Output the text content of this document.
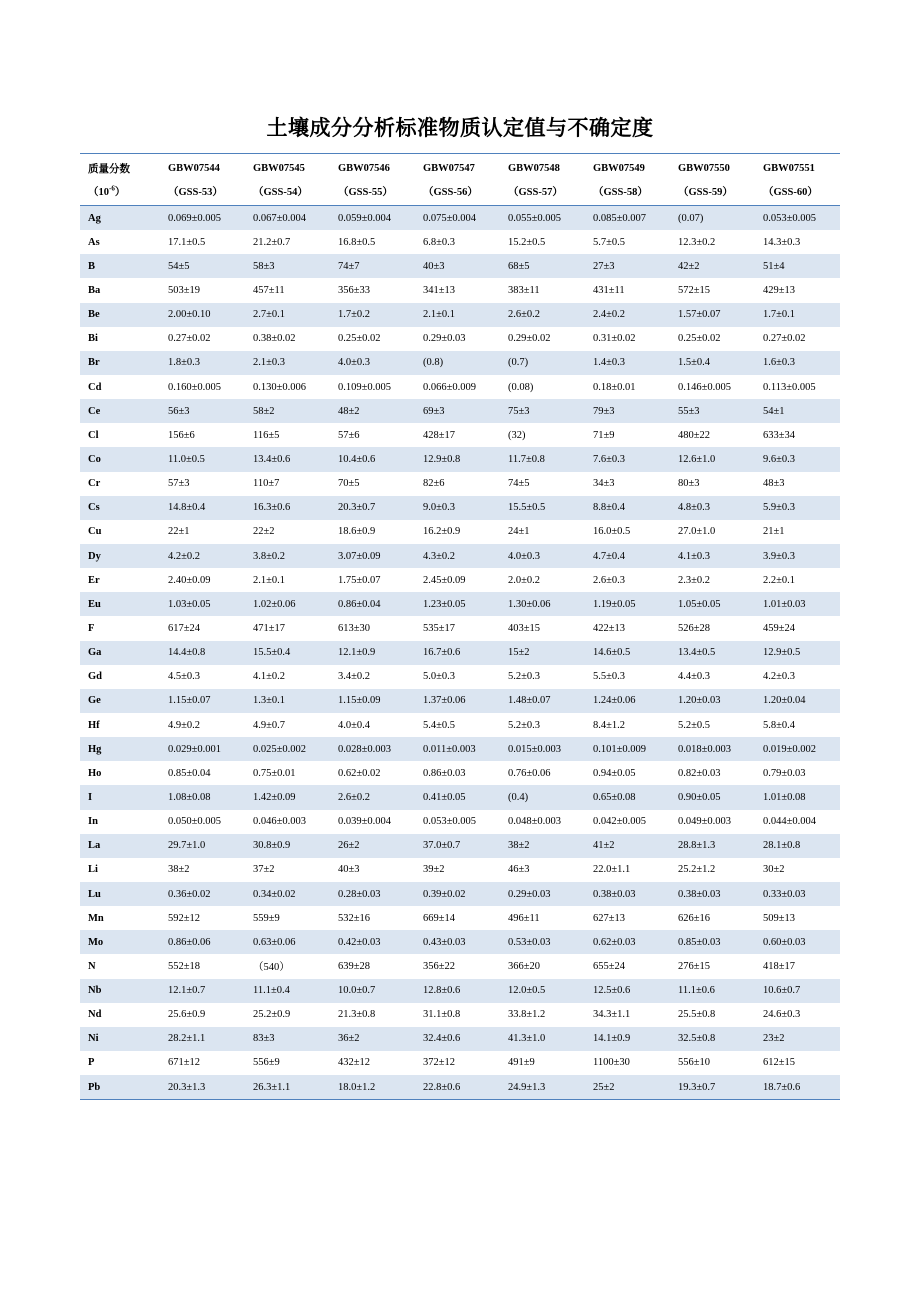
土壤成分分析标准物质认定值与不确定度
质量分数	GBW07544	GBW07545	GBW07546	GBW07547	GBW07548	GBW07549	GBW07550	GBW07551
$(10^{-6})$	（GSS-53）	（GSS-54）	（GSS-55）	（GSS-56）	（GSS-57）	（GSS-58）	（GSS-59）	（GSS-60）
Ag	0.069±0.005	0.067±0.004	0.059±0.004	0.075±0.004	0.055±0.005	0.085±0.007	(0.07)	0.053±0.005
As	17.1±0.5	21.2±0.7	16.8±0.5	6.8±0.3	15.2±0.5	5.7±0.5	12.3±0.2	14.3±0.3
B	54±5	58±3	74±7	40±3	68±5	27±3	42±2	51±4
Ba	503±19	457±11	356±33	341±13	383±11	431±11	572±15	429±13
Be	2.00±0.10	2.7±0.1	1.7±0.2	2.1±0.1	2.6±0.2	2.4±0.2	1.57±0.07	1.7±0.1
Bi	0.27±0.02	0.38±0.02	0.25±0.02	0.29±0.03	0.29±0.02	0.31±0.02	0.25±0.02	0.27±0.02
Br	1.8±0.3	2.1±0.3	4.0±0.3	(0.8)	(0.7)	1.4±0.3	1.5±0.4	1.6±0.3
Cd	0.160±0.005	0.130±0.006	0.109±0.005	0.066±0.009	(0.08)	0.18±0.01	0.146±0.005	0.113±0.005
Ce	56±3	58±2	48±2	69±3	75±3	79±3	55±3	54±1
Cl	156±6	116±5	57±6	428±17	(32)	71±9	480±22	633±34
Co	11.0±0.5	13.4±0.6	10.4±0.6	12.9±0.8	11.7±0.8	7.6±0.3	12.6±1.0	9.6±0.3
Cr	57±3	110±7	70±5	82±6	74±5	34±3	80±3	48±3
Cs	14.8±0.4	16.3±0.6	20.3±0.7	9.0±0.3	15.5±0.5	8.8±0.4	4.8±0.3	5.9±0.3
Cu	22±1	22±2	18.6±0.9	16.2±0.9	24±1	16.0±0.5	27.0±1.0	21±1
Dy	4.2±0.2	3.8±0.2	3.07±0.09	4.3±0.2	4.0±0.3	4.7±0.4	4.1±0.3	3.9±0.3
Er	2.40±0.09	2.1±0.1	1.75±0.07	2.45±0.09	2.0±0.2	2.6±0.3	2.3±0.2	2.2±0.1
Eu	1.03±0.05	1.02±0.06	0.86±0.04	1.23±0.05	1.30±0.06	1.19±0.05	1.05±0.05	1.01±0.03
F	617±24	471±17	613±30	535±17	403±15	422±13	526±28	459±24
Ga	14.4±0.8	15.5±0.4	12.1±0.9	16.7±0.6	15±2	14.6±0.5	13.4±0.5	12.9±0.5
Gd	4.5±0.3	4.1±0.2	3.4±0.2	5.0±0.3	5.2±0.3	5.5±0.3	4.4±0.3	4.2±0.3
Ge	1.15±0.07	1.3±0.1	1.15±0.09	1.37±0.06	1.48±0.07	1.24±0.06	1.20±0.03	1.20±0.04
Hf	4.9±0.2	4.9±0.7	4.0±0.4	5.4±0.5	5.2±0.3	8.4±1.2	5.2±0.5	5.8±0.4
Hg	0.029±0.001	0.025±0.002	0.028±0.003	0.011±0.003	0.015±0.003	0.101±0.009	0.018±0.003	0.019±0.002
Ho	0.85±0.04	0.75±0.01	0.62±0.02	0.86±0.03	0.76±0.06	0.94±0.05	0.82±0.03	0.79±0.03
I	1.08±0.08	1.42±0.09	2.6±0.2	0.41±0.05	(0.4)	0.65±0.08	0.90±0.05	1.01±0.08
In	0.050±0.005	0.046±0.003	0.039±0.004	0.053±0.005	0.048±0.003	0.042±0.005	0.049±0.003	0.044±0.004
La	29.7±1.0	30.8±0.9	26±2	37.0±0.7	38±2	41±2	28.8±1.3	28.1±0.8
Li	38±2	37±2	40±3	39±2	46±3	22.0±1.1	25.2±1.2	30±2
Lu	0.36±0.02	0.34±0.02	0.28±0.03	0.39±0.02	0.29±0.03	0.38±0.03	0.38±0.03	0.33±0.03
Mn	592±12	559±9	532±16	669±14	496±11	627±13	626±16	509±13
Mo	0.86±0.06	0.63±0.06	0.42±0.03	0.43±0.03	0.53±0.03	0.62±0.03	0.85±0.03	0.60±0.03
N	552±18	（540）	639±28	356±22	366±20	655±24	276±15	418±17
Nb	12.1±0.7	11.1±0.4	10.0±0.7	12.8±0.6	12.0±0.5	12.5±0.6	11.1±0.6	10.6±0.7
Nd	25.6±0.9	25.2±0.9	21.3±0.8	31.1±0.8	33.8±1.2	34.3±1.1	25.5±0.8	24.6±0.3
Ni	28.2±1.1	83±3	36±2	32.4±0.6	41.3±1.0	14.1±0.9	32.5±0.8	23±2
P	671±12	556±9	432±12	372±12	491±9	1100±30	556±10	612±15
Pb	20.3±1.3	26.3±1.1	18.0±1.2	22.8±0.6	24.9±1.3	25±2	19.3±0.7	18.7±0.6
